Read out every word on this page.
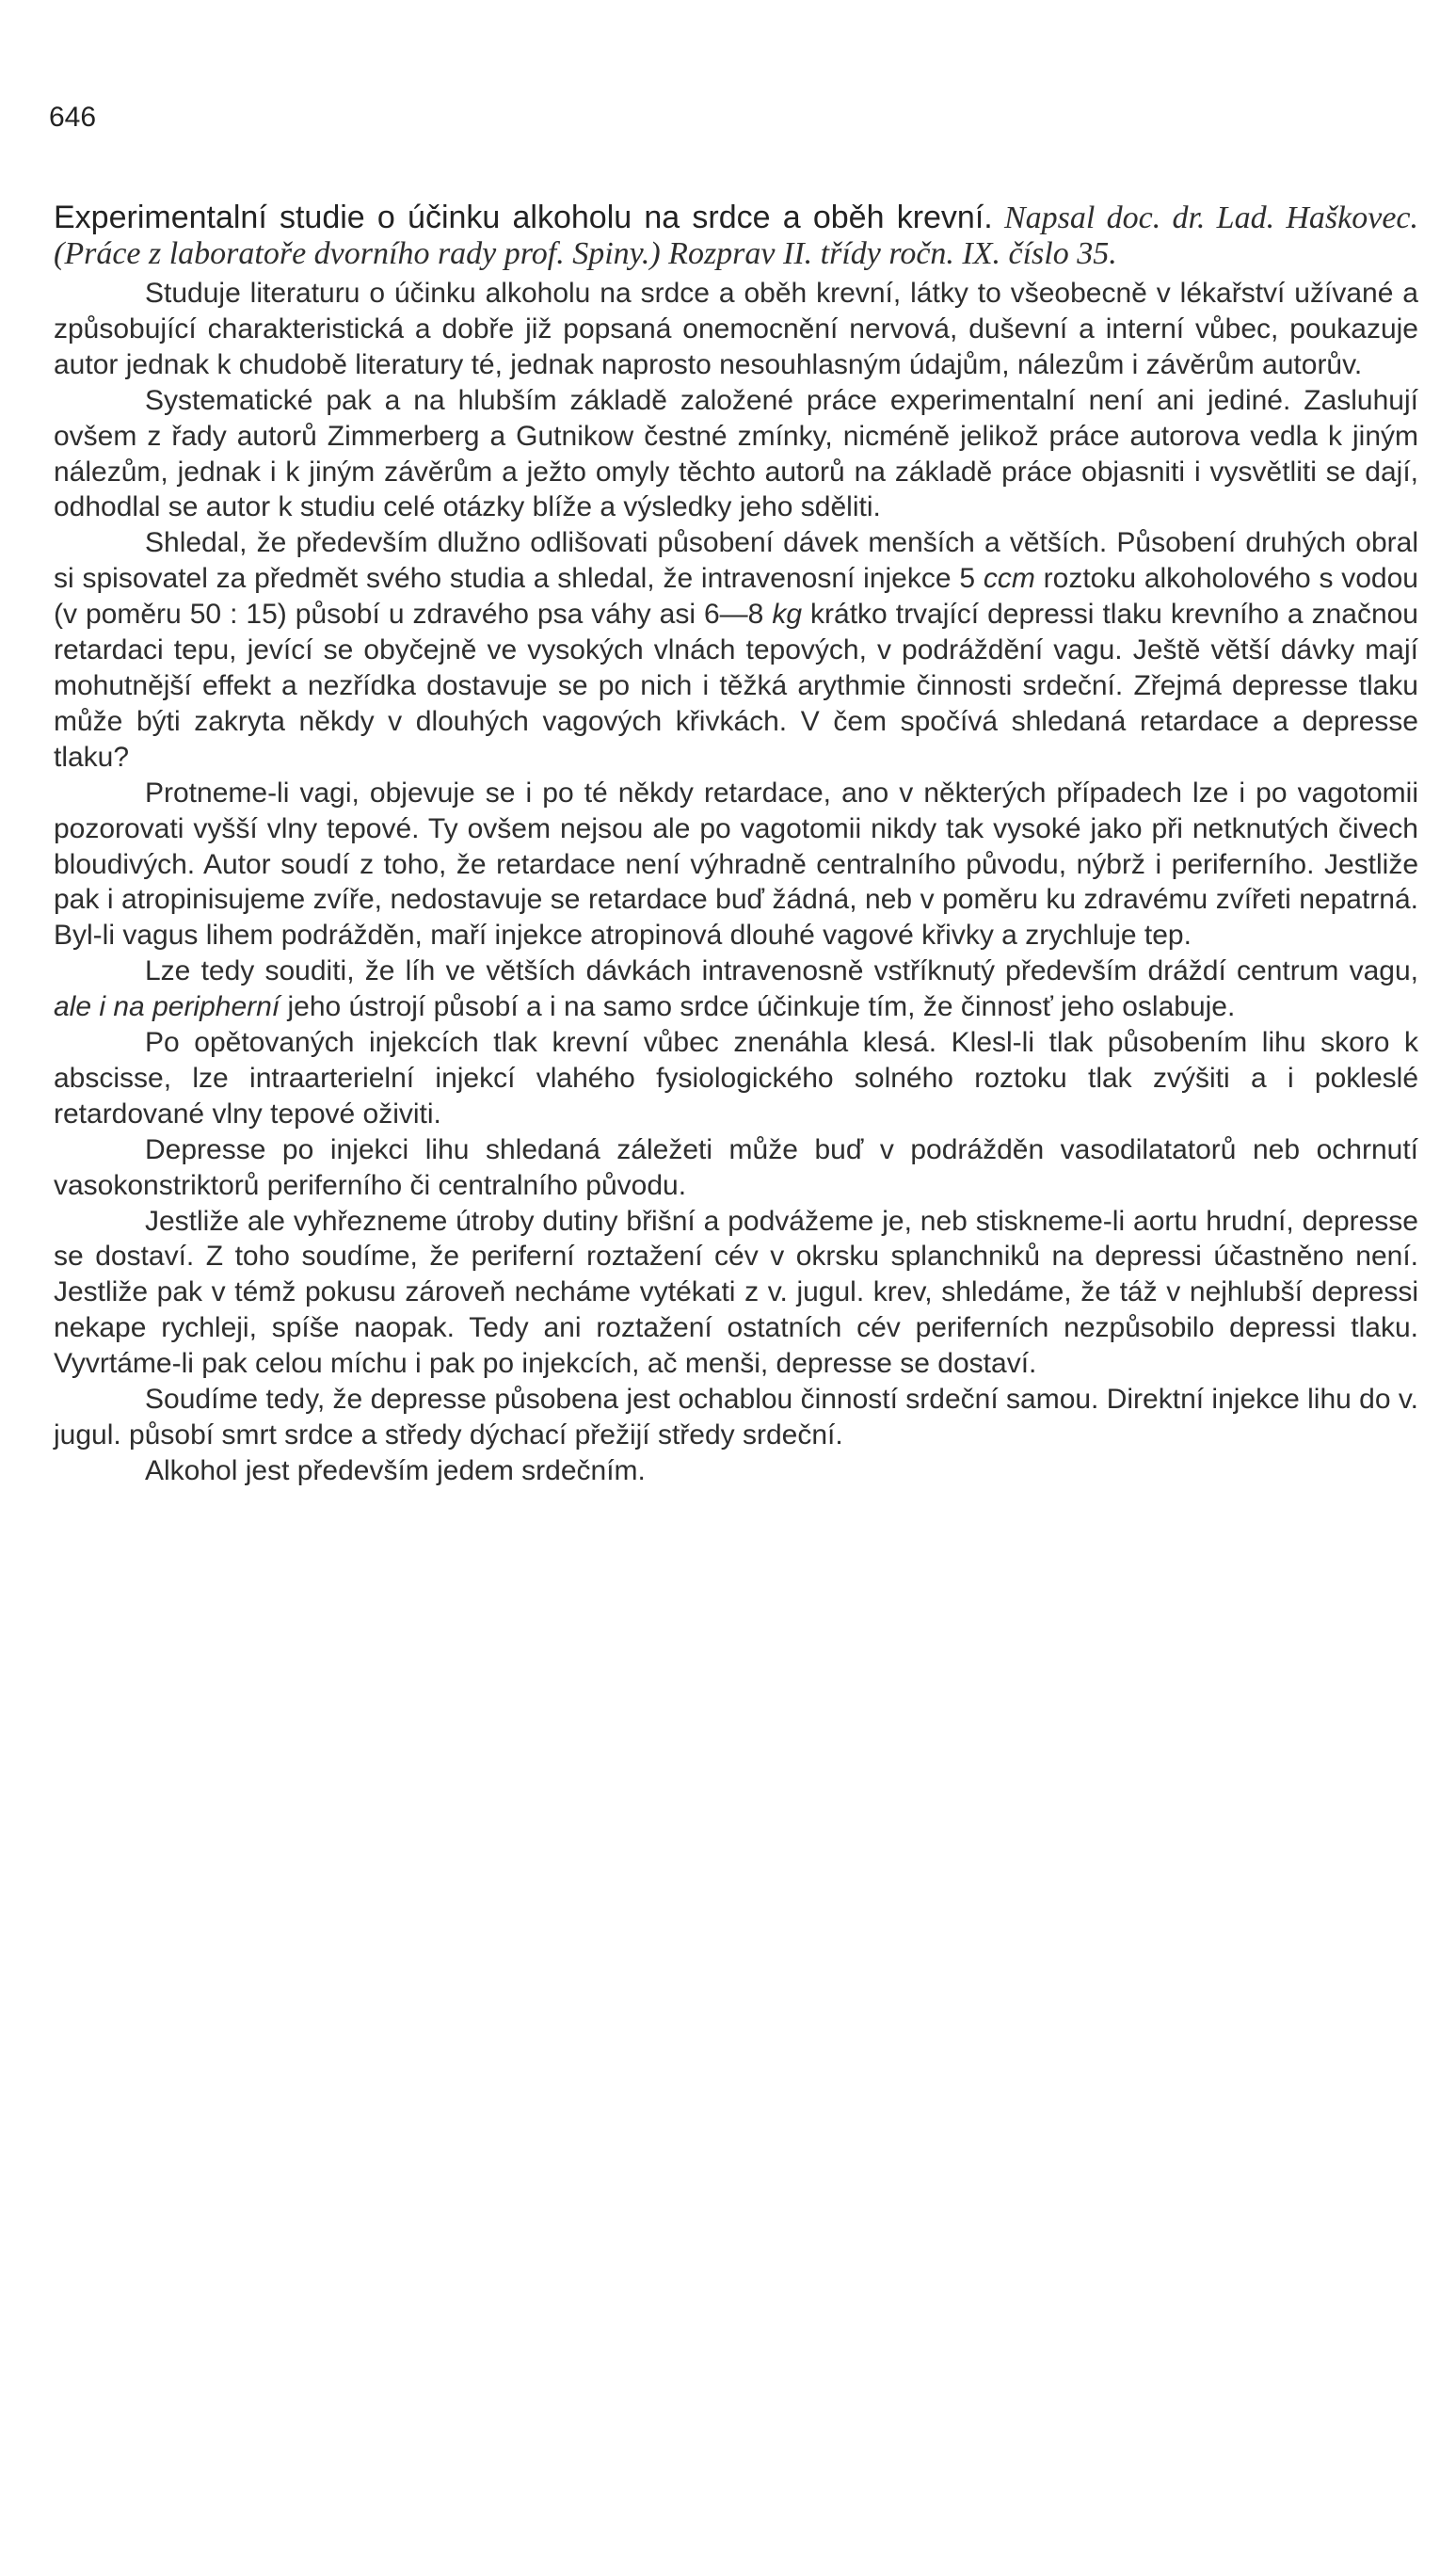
646
Experimentalní studie o účinku alkoholu na srdce a oběh krevní. Napsal doc. dr. Lad. Haškovec. (Práce z laboratoře dvorního rady prof. Spiny.) Rozprav II. třídy ročn. IX. číslo 35.

Studuje literaturu o účinku alkoholu na srdce a oběh krevní, látky to všeobecně v lékařství užívané a způsobující charakteristická a dobře již popsaná onemocnění nervová, duševní a interní vůbec, poukazuje autor jednak k chudobě literatury té, jednak naprosto nesouhlasným údajům, nálezům i závěrům autorův.

Systematické pak a na hlubším základě založené práce experimentalní není ani jediné. Zasluhují ovšem z řady autorů Zimmerberg a Gutnikow čestné zmínky, nicméně jelikož práce autorova vedla k jiným nálezům, jednak i k jiným závěrům a ježto omyly těchto autorů na základě práce objasniti i vysvětliti se dají, odhodlal se autor k studiu celé otázky blíže a výsledky jeho sděliti.

Shledal, že především dlužno odlišovati působení dávek menších a větších. Působení druhých obral si spisovatel za předmět svého studia a shledal, že intravenosní injekce 5 ccm roztoku alkoholového s vodou (v poměru 50 : 15) působí u zdravého psa váhy asi 6—8 kg krátko trvající depressi tlaku krevního a značnou retardaci tepu, jevící se obyčejně ve vysokých vlnách tepových, v podráždění vagu. Ještě větší dávky mají mohutnější effekt a nezřídka dostavuje se po nich i těžká arythmie činnosti srdeční. Zřejmá depresse tlaku může býti zakryta někdy v dlouhých vagových křivkách. V čem spočívá shledaná retardace a depresse tlaku?

Protneme-li vagi, objevuje se i po té někdy retardace, ano v některých případech lze i po vagotomii pozorovati vyšší vlny tepové. Ty ovšem nejsou ale po vagotomii nikdy tak vysoké jako při netknutých čivech bloudivých. Autor soudí z toho, že retardace není výhradně centralního původu, nýbrž i periferního. Jestliže pak i atropinisujeme zvíře, nedostavuje se retardace buď žádná, neb v poměru ku zdravému zvířeti nepatrná. Byl-li vagus lihem podrážděn, maří injekce atropinová dlouhé vagové křivky a zrychluje tep.

Lze tedy souditi, že líh ve větších dávkách intravenosně vstříknutý především dráždí centrum vagu, ale i na peripherní jeho ústrojí působí a i na samo srdce účinkuje tím, že činnosť jeho oslabuje.

Po opětovaných injekcích tlak krevní vůbec znenáhla klesá. Klesl-li tlak působením lihu skoro k abscisse, lze intraarterielní injekcí vlahého fysiologického solného roztoku tlak zvýšiti a i pokleslé retardované vlny tepové oživiti.

Depresse po injekci lihu shledaná záležeti může buď v podrážděn vasodilatatorů neb ochrnutí vasokonstriktorů periferního či centralního původu.

Jestliže ale vyhřezneme útroby dutiny břišní a podvážeme je, neb stiskneme-li aortu hrudní, depresse se dostaví. Z toho soudíme, že periferní roztažení cév v okrsku splanchniků na depressi účastněno není. Jestliže pak v témž pokusu zároveň necháme vytékati z v. jugul. krev, shledáme, že táž v nejhlubší depressi nekape rychleji, spíše naopak. Tedy ani roztažení ostatních cév periferních nezpůsobilo depressi tlaku. Vyvrtáme-li pak celou míchu i pak po injekcích, ač menši, depresse se dostaví.

Soudíme tedy, že depresse působena jest ochablou činností srdeční samou. Direktní injekce lihu do v. jugul. působí smrt srdce a středy dýchací přežijí středy srdeční.

Alkohol jest především jedem srdečním.
